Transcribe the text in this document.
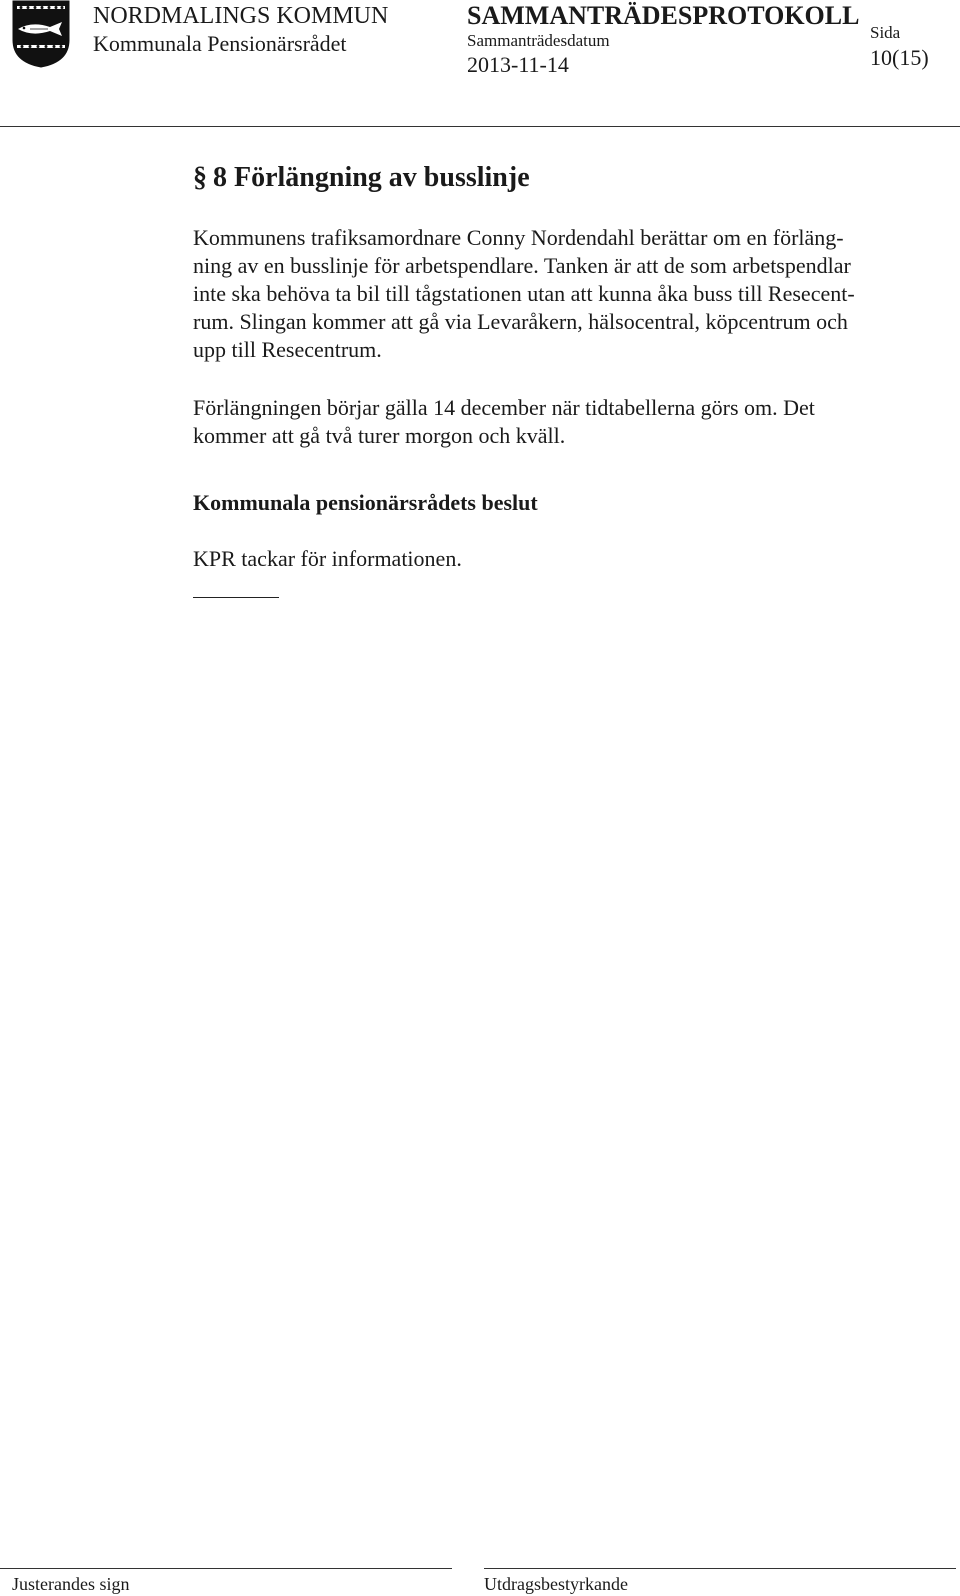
NORDMALINGS KOMMUN
Kommunala Pensionärsrådet
SAMMANTRÄDESPROTOKOLL
Sammanträdesdatum
2013-11-14
Sida
10(15)
§ 8 Förlängning av busslinje
Kommunens trafiksamordnare Conny Nordendahl berättar om en förläng-
ning av en busslinje för arbetspendlare. Tanken är att de som arbetspendlar
inte ska behöva ta bil till tågstationen utan att kunna åka buss till Resecent-
rum. Slingan kommer att gå via Levaråkern, hälsocentral, köpcentrum och
upp till Resecentrum.
Förlängningen börjar gälla 14 december när tidtabellerna görs om. Det
kommer att gå två turer morgon och kväll.
Kommunala pensionärsrådets beslut
KPR tackar för informationen.
Justerandes sign	Utdragsbestyrkande
